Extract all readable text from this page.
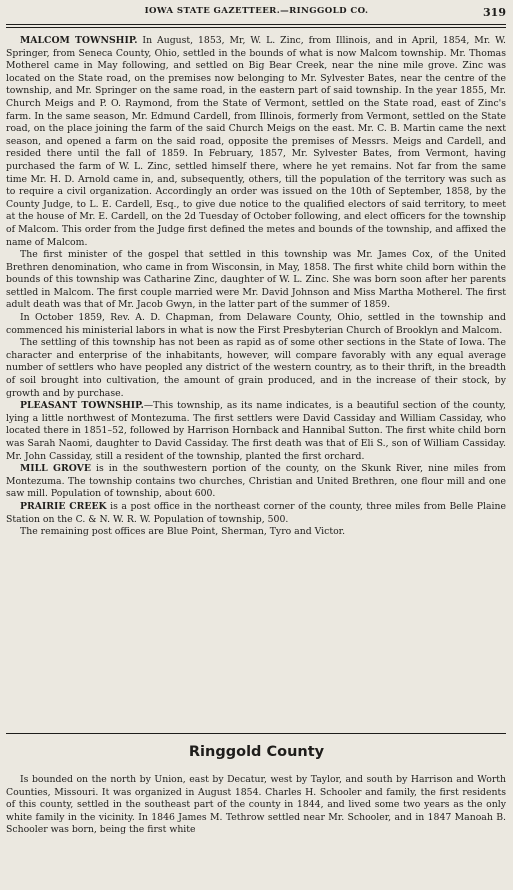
IOWA STATE GAZETTEER.—RINGGOLD CO.	319

MALCOM TOWNSHIP. In August, 1853, Mr, W. L. Zinc, from Illinois, and in April, 1854, Mr. W. Springer, from Seneca County, Ohio, settled in the bounds of what is now Malcom township. Mr. Thomas Motherel came in May following, and settled on Big Bear Creek, near the nine mile grove. Zinc was located on the State road, on the premises now belonging to Mr. Sylvester Bates, near the centre of the township, and Mr. Springer on the same road, in the eastern part of said township. In the year 1855, Mr. Church Meigs and P. O. Raymond, from the State of Vermont, settled on the State road, east of Zinc's farm. In the same season, Mr. Edmund Cardell, from Illinois, formerly from Vermont, settled on the State road, on the place joining the farm of the said Church Meigs on the east. Mr. C. B. Martin came the next season, and opened a farm on the said road, opposite the premises of Messrs. Meigs and Cardell, and resided there until the fall of 1859. In February, 1857, Mr. Sylvester Bates, from Vermont, having purchased the farm of W. L. Zinc, settled himself there, where he yet remains. Not far from the same time Mr. H. D. Arnold came in, and, subsequently, others, till the population of the territory was such as to require a civil organization. Accordingly an order was issued on the 10th of September, 1858, by the County Judge, to L. E. Cardell, Esq., to give due notice to the qualified electors of said territory, to meet at the house of Mr. E. Cardell, on the 2d Tuesday of October following, and elect officers for the township of Malcom. This order from the Judge first defined the metes and bounds of the township, and affixed the name of Malcom.

The first minister of the gospel that settled in this township was Mr. James Cox, of the United Brethren denomination, who came in from Wisconsin, in May, 1858. The first white child born within the bounds of this township was Catharine Zinc, daughter of W. L. Zinc. She was born soon after her parents settled in Malcom. The first couple married were Mr. David Johnson and Miss Martha Motherel. The first adult death was that of Mr. Jacob Gwyn, in the latter part of the summer of 1859.

In October 1859, Rev. A. D. Chapman, from Delaware County, Ohio, settled in the township and commenced his ministerial labors in what is now the First Presbyterian Church of Brooklyn and Malcom.

The settling of this township has not been as rapid as of some other sections in the State of Iowa. The character and enterprise of the inhabitants, however, will compare favorably with any equal average number of settlers who have peopled any district of the western country, as to their thrift, in the breadth of soil brought into cultivation, the amount of grain produced, and in the increase of their stock, by growth and by purchase.

PLEASANT TOWNSHIP.—This township, as its name indicates, is a beautiful section of the county, lying a little northwest of Montezuma. The first settlers were David Cassiday and William Cassiday, who located there in 1851–52, followed by Harrison Hornback and Hannibal Sutton. The first white child born was Sarah Naomi, daughter to David Cassiday. The first death was that of Eli S., son of William Cassiday. Mr. John Cassiday, still a resident of the township, planted the first orchard.

MILL GROVE is in the southwestern portion of the county, on the Skunk River, nine miles from Montezuma. The township contains two churches, Christian and United Brethren, one flour mill and one saw mill. Population of township, about 600.

PRAIRIE CREEK is a post office in the northeast corner of the county, three miles from Belle Plaine Station on the C. & N. W. R. W. Population of township, 500.

The remaining post offices are Blue Point, Sherman, Tyro and Victor.

Ringgold County

Is bounded on the north by Union, east by Decatur, west by Taylor, and south by Harrison and Worth Counties, Missouri. It was organized in August 1854. Charles H. Schooler and family, the first residents of this county, settled in the southeast part of the county in 1844, and lived some two years as the only white family in the vicinity. In 1846 James M. Tethrow settled near Mr. Schooler, and in 1847 Manoah B. Schooler was born, being the first white
